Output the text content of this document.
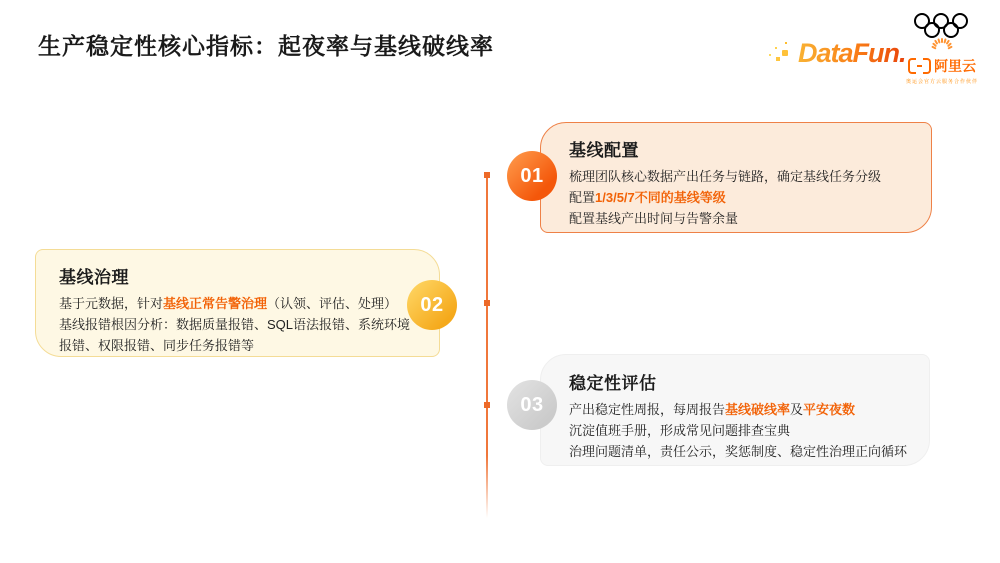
生产稳定性核心指标：起夜率与基线破线率	DataFun. 阿里云
奥运会官方云服务合作伙伴
基线配置

梳理团队核心数据产出任务与链路，确定基线任务分级

配置1/3/5/7不同的基线等级

配置基线产出时间与告警余量

01
基线治理

基于元数据，针对基线正常告警治理（认领、评估、处理）

基线报错根因分析：数据质量报错、SQL语法报错、系统环境报错、权限报错、同步任务报错等

02
稳定性评估

产出稳定性周报，每周报告基线破线率及平安夜数

沉淀值班手册，形成常见问题排查宝典

治理问题清单，责任公示，奖惩制度、稳定性治理正向循环

03
